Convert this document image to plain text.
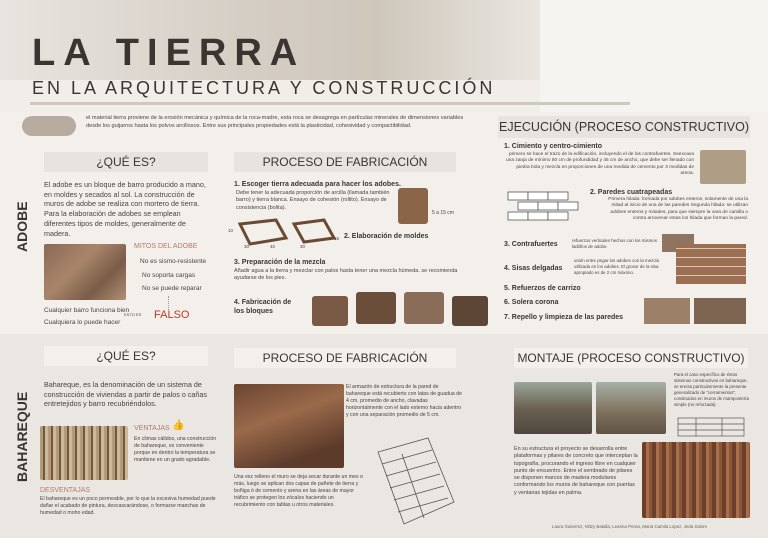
LA TIERRA
EN LA ARQUITECTURA Y CONSTRUCCIÓN
el material tierra proviene de la erosión mecánica y química de la roca-madre, esta roca se desagrega en partículas minerales de dimensiones variables desde los guijarros hasta los polvos arcillosos. Entre sus principales propiedades está la plasticidad, cohesividad y compactibilidad.
ADOBE
¿QUÉ ES?
El adobe es un bloque de barro producido a mano, en moldes y secados al sol. La construcción de muros de adobe se realiza con mortero de tierra. Para la elaboración de adobes se emplean diferentes tipos de moldes, generalmente de madera.
MITOS DEL ADOBE
No es sismo-resistente
No soporta cargas
No se puede reparar
Cualquier barro funciona bien
Cualquiera lo puede hacer
ESTO ES FALSO
PROCESO DE FABRICACIÓN
1. Escoger tierra adecuada para hacer los adobes.
Debe tener la adecuada proporción de arcilla (llamada también barro) y tierra blanca. Ensayo de cohesión (rollito). Ensayo de consistencia (bolita).
5 a 15 cm
10
30	40	30
15 2. Elaboración de moldes
3. Preparación de la mezcla
Añadir agua a la tierra y mezclar con palos hasta tener una mezcla húmeda. se recomienda ayudarse de los pies.
4. Fabricación de los bloques
EJECUCIÓN (PROCESO CONSTRUCTIVO)
1. Cimiento y centro-cimiento
primero se hace el trazo de la edificación, incluyendo el de los contrafuertes. Seexcava una zanja de mínimo 50 cm de profundidad y 45 cm de ancho, que debe ser llenado con piedra bola y mezcla en proporciones de una medida de cemento por 3 medidas de arena.
2. Paredes cuatrapeadas
Primera hilada: formada por adobes enteros, solamente de una la mitad al inicio de una de las paredes Segunda hilada: se utilizan adobes enteros y mitades, para que siempre la vara de camilla o contra arrovenar estas los hilada que forman la pared.
3. Contrafuertes
refuerzos verticales hechos con los mismos ladrillos de adobe.
4. Sisas delgadas
unión entre pegar los adobes con la mezcla utilizada en los adobes. El grosor de la sisa apropiado es de 2 cm máximo.
5. Refuerzos de carrizo
6. Solera corona
7. Repello y limpieza de las paredes
BAHAREQUE
¿QUÉ ES?
Bahareque, es la denominación de un sistema de construcción de viviendas a partir de palos o cañas entretejidos y barro recubriéndolos.
VENTAJAS 👍
En climas cálidos, una construcción de bahareque, es conveniente porque en dentro la temperatura se mantiene en un grado agradable.
DESVENTAJAS
El bahareque es un poco permeable, por lo que la excesiva humedad puede dañar el acabado de pintura, descascarándose, o formarse manchas de humedad o moho edad.
PROCESO DE FABRICACIÓN
El armazón de estructura de la pared de bahareque está recubierto con latas de guadua de 4 cm. promedio de ancho, clavadas horizontalmente con el lado externo hacia adentro y con una separación promedio de 5 cm.
Una vez relleno el muro se deja secar durante un mes o más, luego se aplican dos capas de pañete de tierra y boñiga ó de cemento y arena en las áreas de mayor tráfico se protegen los zócalos haciendo un recubrimiento con tablas u otros materiales.
MONTAJE (PROCESO CONSTRUCTIVO)
Para el caso específico de éstos sistemas constructivos en bahareque, se erecta particularmente la presente generalizado de "cerramientos", construidos en muros de mampostería simple (no reforzada).
En su estructura el proyecto se desarrolla entre plataformas y pilares de concreto que interceptan la topografía, procurando el ingreso libre en cualquier punto de encuentro. Entre el sembrado de pilares se disponen marcos de madera modulares conformando los muros de bahareque con puertas y ventanas tejidas en palma.
Laura Gutierrez, Mitzy Batalla, Leanna Perea, Maria Camila Lopez, Jeda Salom
